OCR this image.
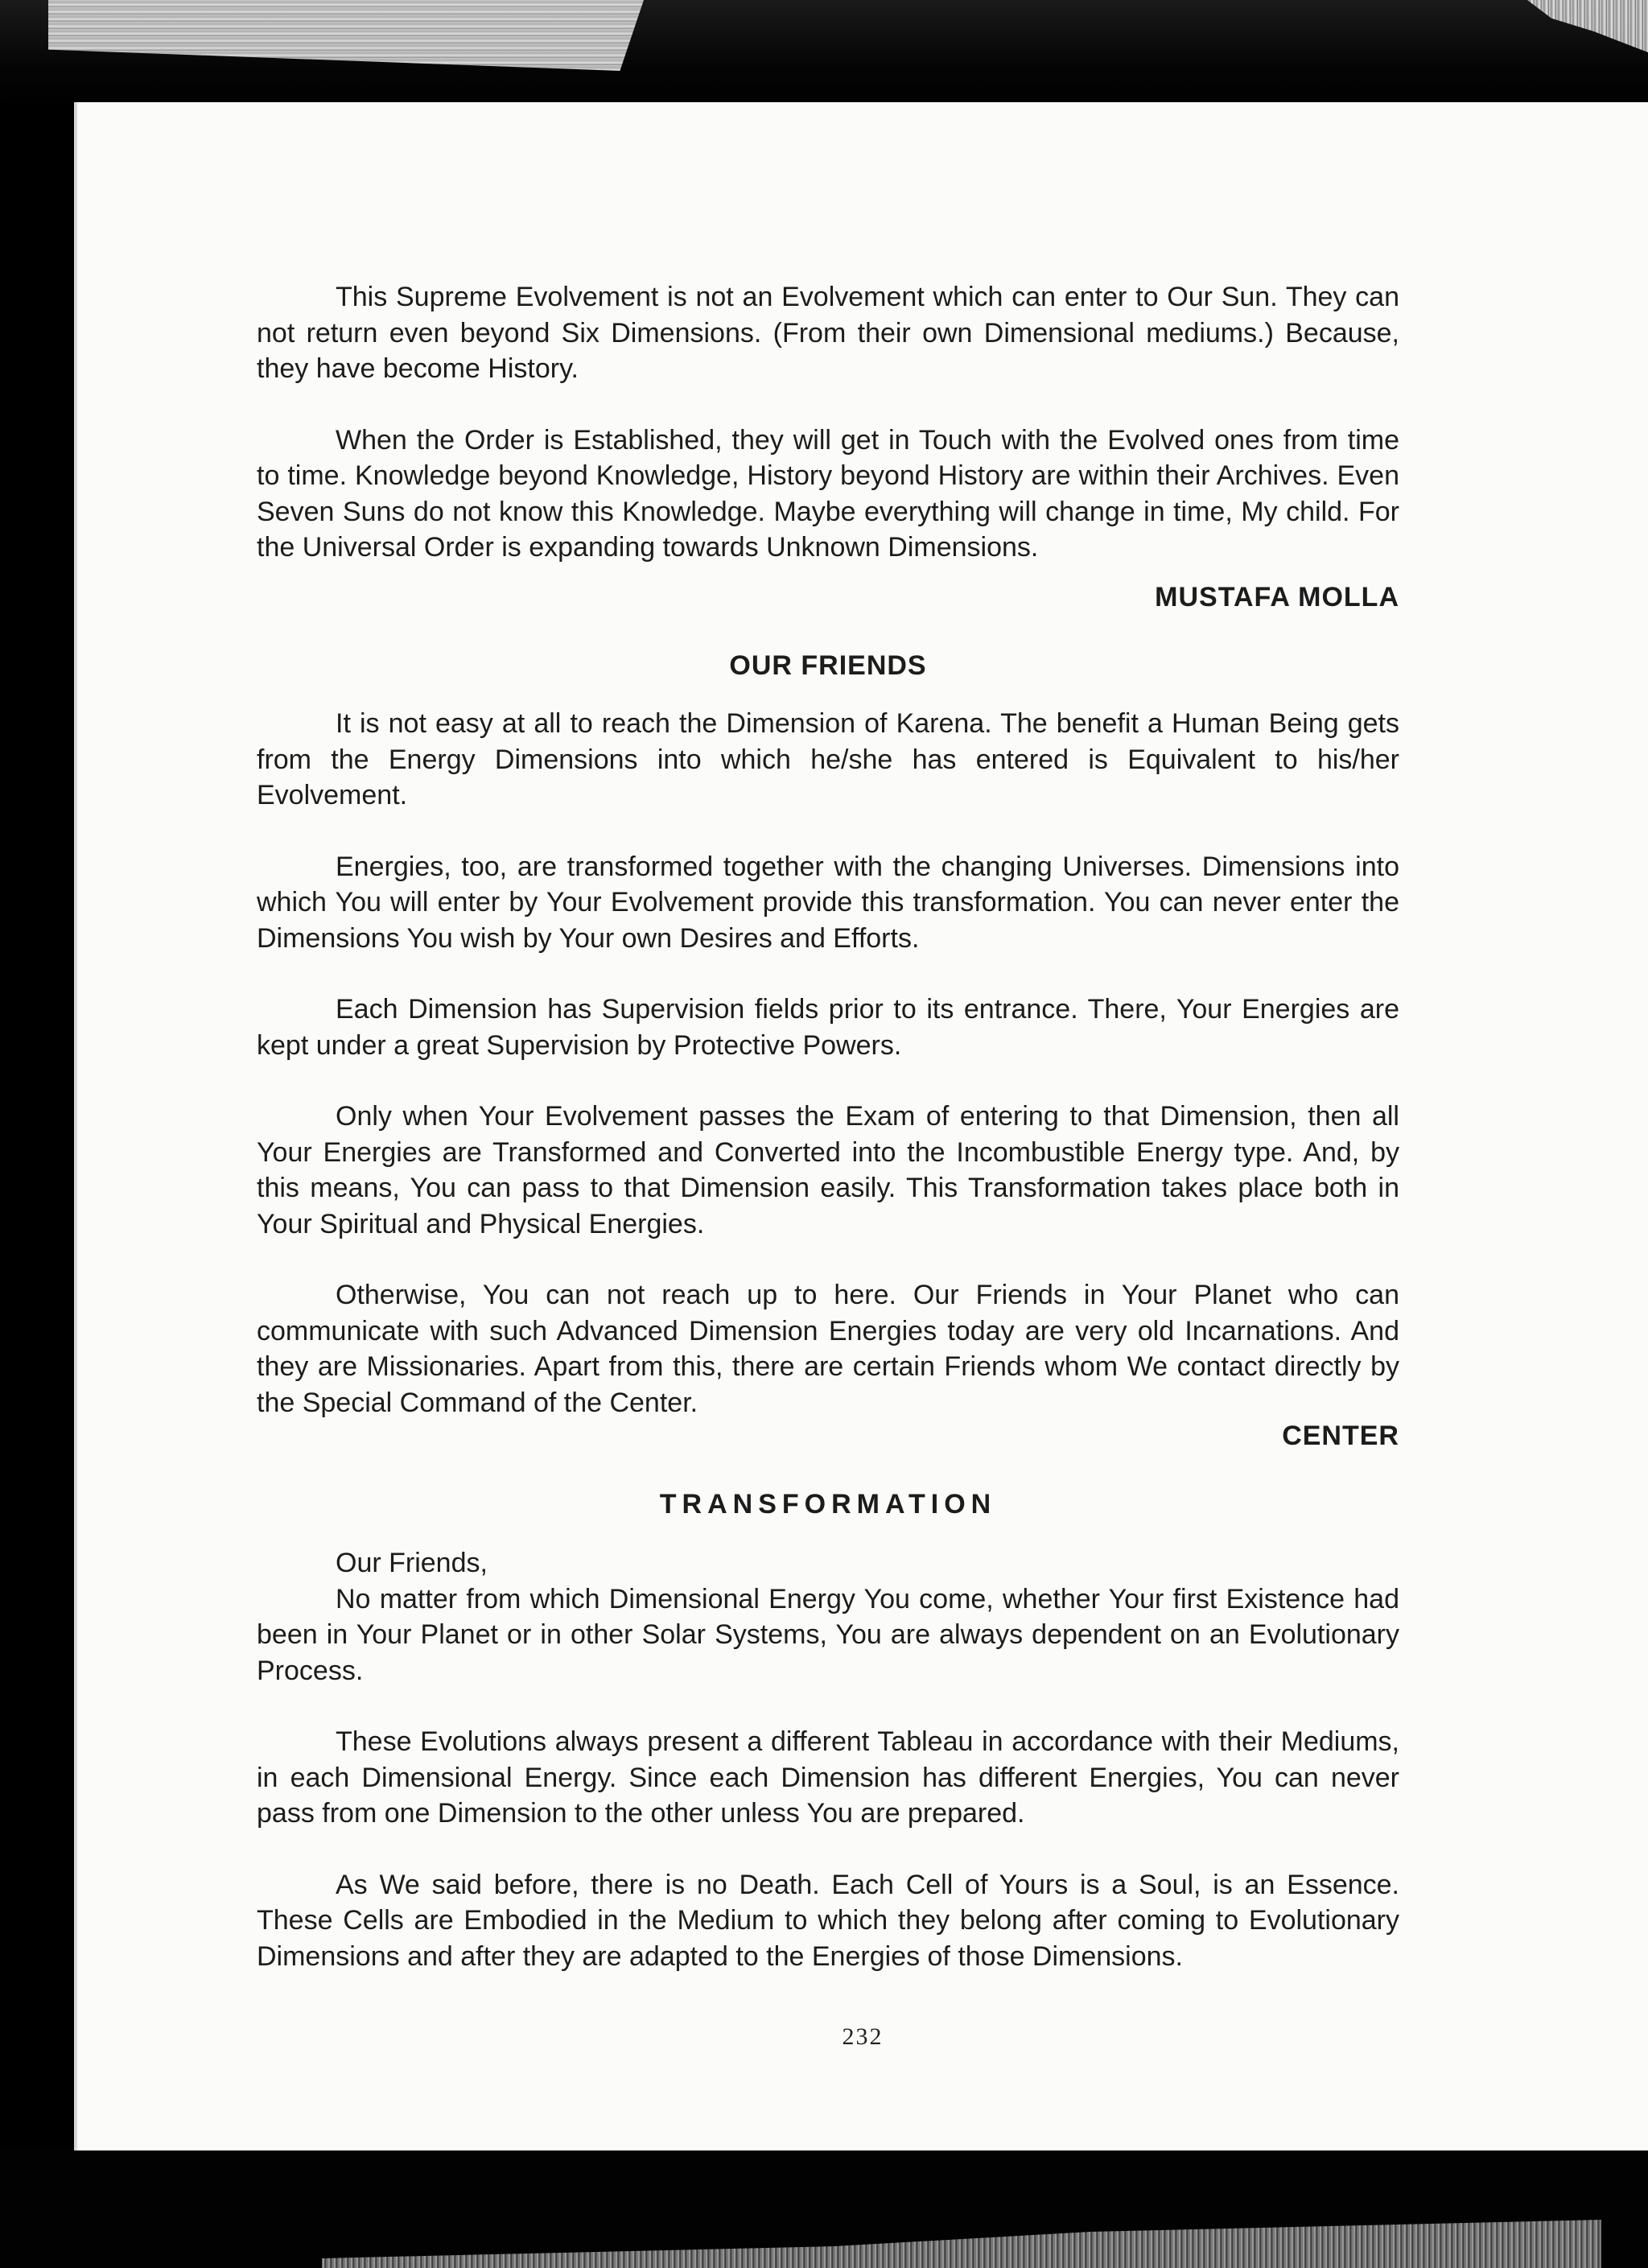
This Supreme Evolvement is not an Evolvement which can enter to Our Sun. They can not return even beyond Six Dimensions. (From their own Dimensional mediums.) Because, they have become History.

When the Order is Established, they will get in Touch with the Evolved ones from time to time. Knowledge beyond Knowledge, History beyond History are within their Archives. Even Seven Suns do not know this Knowledge. Maybe everything will change in time, My child. For the Universal Order is expanding towards Unknown Dimensions.

MUSTAFA MOLLA

OUR FRIENDS

It is not easy at all to reach the Dimension of Karena. The benefit a Human Being gets from the Energy Dimensions into which he/she has entered is Equivalent to his/her Evolvement.

Energies, too, are transformed together with the changing Universes. Dimensions into which You will enter by Your Evolvement provide this transformation. You can never enter the Dimensions You wish by Your own Desires and Efforts.

Each Dimension has Supervision fields prior to its entrance. There, Your Energies are kept under a great Supervision by Protective Powers.

Only when Your Evolvement passes the Exam of entering to that Dimension, then all Your Energies are Transformed and Converted into the Incombustible Energy type. And, by this means, You can pass to that Dimension easily. This Transformation takes place both in Your Spiritual and Physical Energies.

Otherwise, You can not reach up to here. Our Friends in Your Planet who can communicate with such Advanced Dimension Energies today are very old Incarnations. And they are Missionaries. Apart from this, there are certain Friends whom We contact directly by the Special Command of the Center.

CENTER

TRANSFORMATION

Our Friends,

No matter from which Dimensional Energy You come, whether Your first Existence had been in Your Planet or in other Solar Systems, You are always dependent on an Evolutionary Process.

These Evolutions always present a different Tableau in accordance with their Mediums, in each Dimensional Energy. Since each Dimension has different Energies, You can never pass from one Dimension to the other unless You are prepared.

As We said before, there is no Death. Each Cell of Yours is a Soul, is an Essence. These Cells are Embodied in the Medium to which they belong after coming to Evolutionary Dimensions and after they are adapted to the Energies of those Dimensions.

232
